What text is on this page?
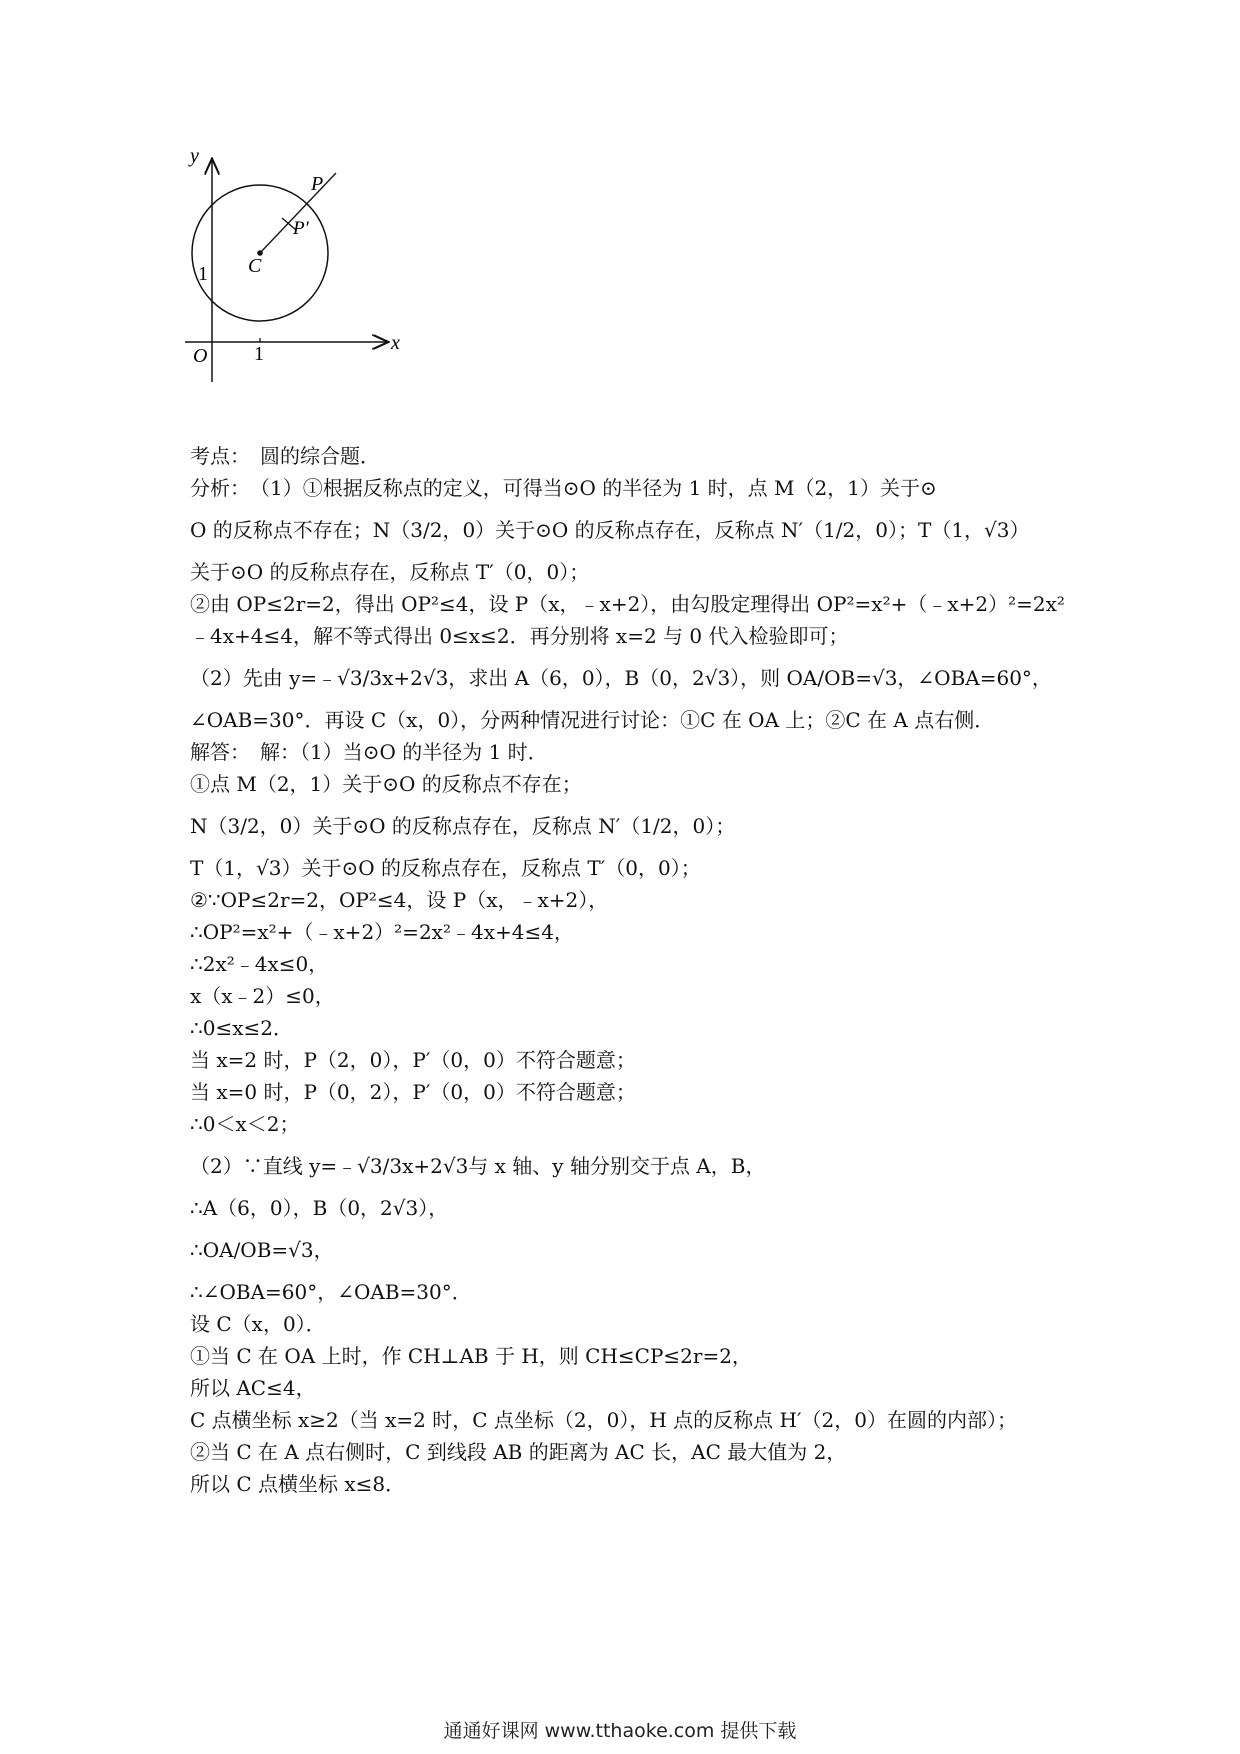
y
x
O 1
1
P
P′
C
考点：　圆的综合题．
分析：　（1）①根据反称点的定义，可得当⊙O 的半径为 1 时，点 M（2，1）关于⊙
O 的反称点不存在；N（3/2，0）关于⊙O 的反称点存在，反称点 N′（1/2，0）；T（1，√3）
关于⊙O 的反称点存在，反称点 T′（0，0）；
②由 OP≤2r=2，得出 OP²≤4，设 P（x，﹣x+2），由勾股定理得出 OP²=x²+（﹣x+2）²=2x²
﹣4x+4≤4，解不等式得出 0≤x≤2．再分别将 x=2 与 0 代入检验即可；
（2）先由 y=﹣√3/3x+2√3，求出 A（6，0），B（0，2√3），则 OA/OB=√3，∠OBA=60°，
∠OAB=30°．再设 C（x，0），分两种情况进行讨论：①C 在 OA 上；②C 在 A 点右侧．
解答：　解：（1）当⊙O 的半径为 1 时．
①点 M（2，1）关于⊙O 的反称点不存在；
N（3/2，0）关于⊙O 的反称点存在，反称点 N′（1/2，0）；
T（1，√3）关于⊙O 的反称点存在，反称点 T′（0，0）；
②∵OP≤2r=2，OP²≤4，设 P（x，﹣x+2），
∴OP²=x²+（﹣x+2）²=2x²﹣4x+4≤4，
∴2x²﹣4x≤0，
x（x﹣2）≤0，
∴0≤x≤2．
当 x=2 时，P（2，0），P′（0，0）不符合题意；
当 x=0 时，P（0，2），P′（0，0）不符合题意；
∴0＜x＜2；
（2）∵直线 y=﹣√3/3x+2√3与 x 轴、y 轴分别交于点 A，B，
∴A（6，0），B（0，2√3），
∴OA/OB=√3，
∴∠OBA=60°，∠OAB=30°．
设 C（x，0）．
①当 C 在 OA 上时，作 CH⊥AB 于 H，则 CH≤CP≤2r=2，
所以 AC≤4，
C 点横坐标 x≥2（当 x=2 时，C 点坐标（2，0），H 点的反称点 H′（2，0）在圆的内部）；
②当 C 在 A 点右侧时，C 到线段 AB 的距离为 AC 长，AC 最大值为 2，
所以 C 点横坐标 x≤8．
通通好课网 www.tthaoke.com 提供下载
